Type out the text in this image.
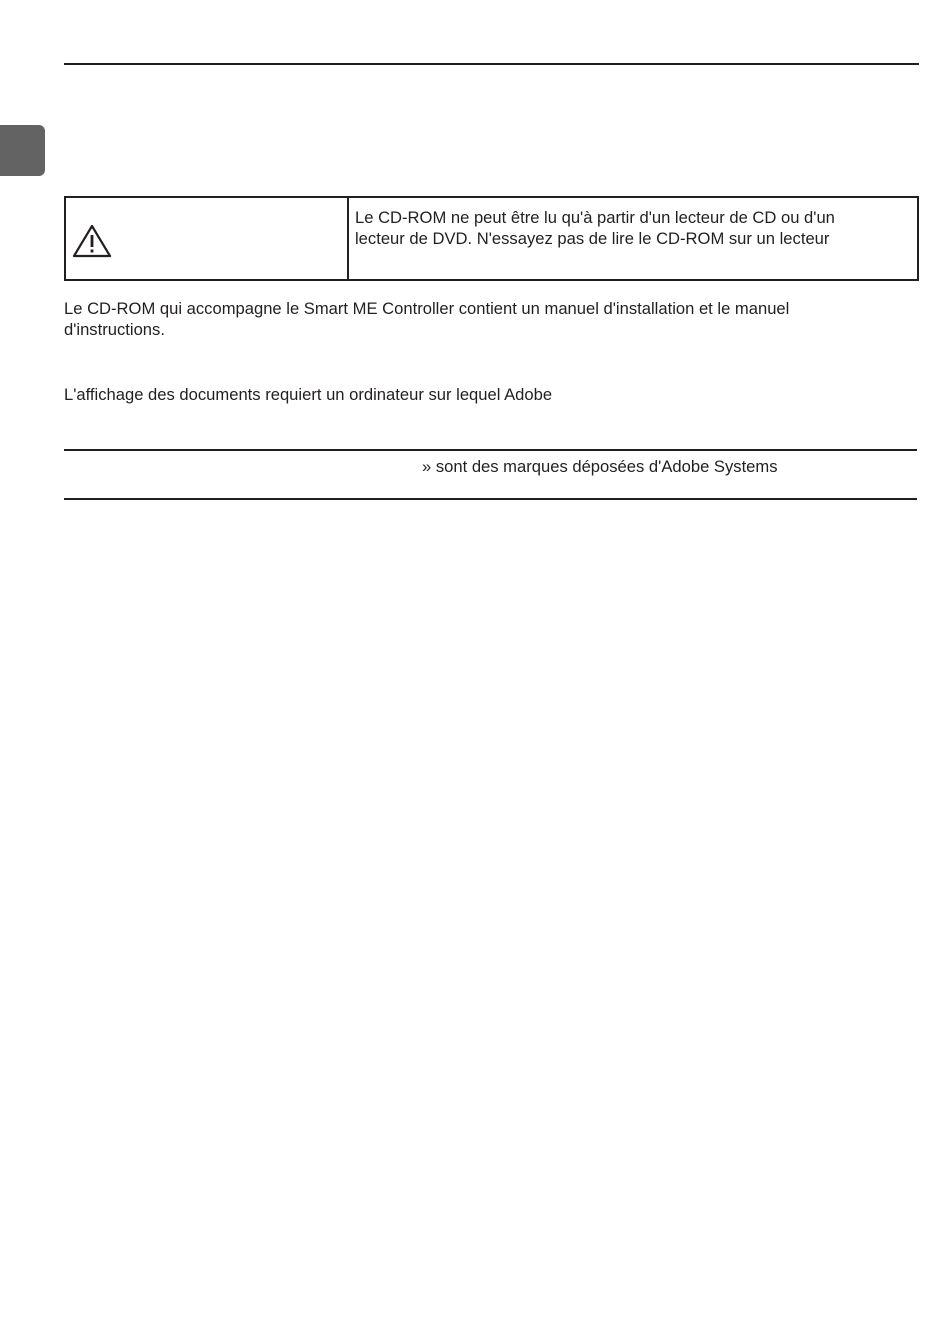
Le CD-ROM ne peut être lu qu'à partir d'un lecteur de CD ou d'un
lecteur de DVD. N'essayez pas de lire le CD-ROM sur un lecteur
Le CD-ROM qui accompagne le Smart ME Controller contient un manuel d'installation et le manuel
d'instructions.
L'affichage des documents requiert un ordinateur sur lequel Adobe
» sont des marques déposées d'Adobe Systems
